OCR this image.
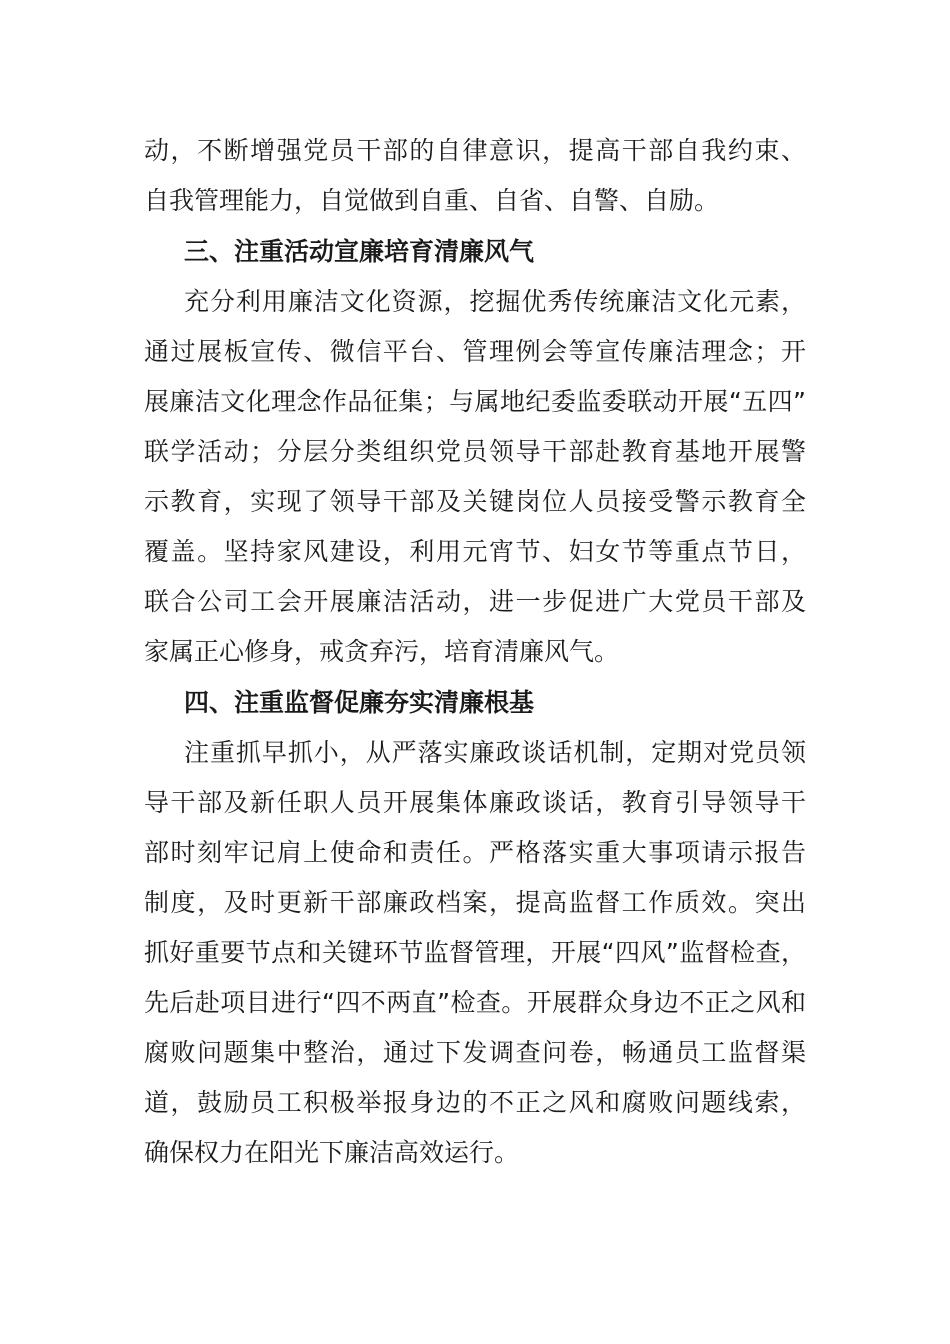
动，不断增强党员干部的自律意识，提高干部自我约束、
自我管理能力，自觉做到自重、自省、自警、自励。
三、注重活动宣廉培育清廉风气
充分利用廉洁文化资源，挖掘优秀传统廉洁文化元素，
通过展板宣传、微信平台、管理例会等宣传廉洁理念；开
展廉洁文化理念作品征集；与属地纪委监委联动开展“五四”
联学活动；分层分类组织党员领导干部赴教育基地开展警
示教育，实现了领导干部及关键岗位人员接受警示教育全
覆盖。坚持家风建设，利用元宵节、妇女节等重点节日，
联合公司工会开展廉洁活动，进一步促进广大党员干部及
家属正心修身，戒贪弃污，培育清廉风气。
四、注重监督促廉夯实清廉根基
注重抓早抓小，从严落实廉政谈话机制，定期对党员领
导干部及新任职人员开展集体廉政谈话，教育引导领导干
部时刻牢记肩上使命和责任。严格落实重大事项请示报告
制度，及时更新干部廉政档案，提高监督工作质效。突出
抓好重要节点和关键环节监督管理，开展“四风”监督检查，
先后赴项目进行“四不两直”检查。开展群众身边不正之风和
腐败问题集中整治，通过下发调查问卷，畅通员工监督渠
道，鼓励员工积极举报身边的不正之风和腐败问题线索，
确保权力在阳光下廉洁高效运行。
